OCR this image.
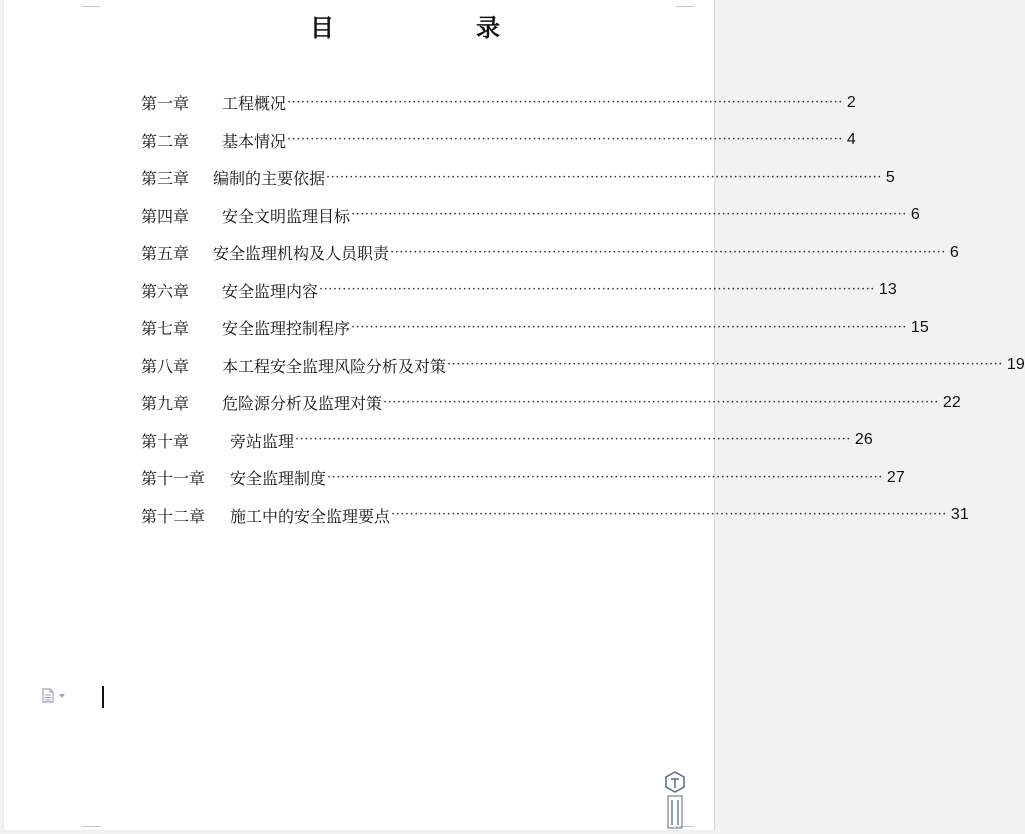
目	录
第一章 工程概况 ························································································································ 2
第二章 基本情况 ························································································································ 4
第三章 编制的主要依据 ························································································································ 5
第四章 安全文明监理目标 ························································································································ 6
第五章 安全监理机构及人员职责 ························································································································ 6
第六章 安全监理内容 ························································································································ 13
第七章 安全监理控制程序 ························································································································ 15
第八章 本工程安全监理风险分析及对策 ························································································································ 19
第九章 危险源分析及监理对策 ························································································································ 22
第十章	旁站监理 ························································································································ 26
第十一章 安全监理制度 ························································································································ 27
第十二章 施工中的安全监理要点 ························································································································ 31
